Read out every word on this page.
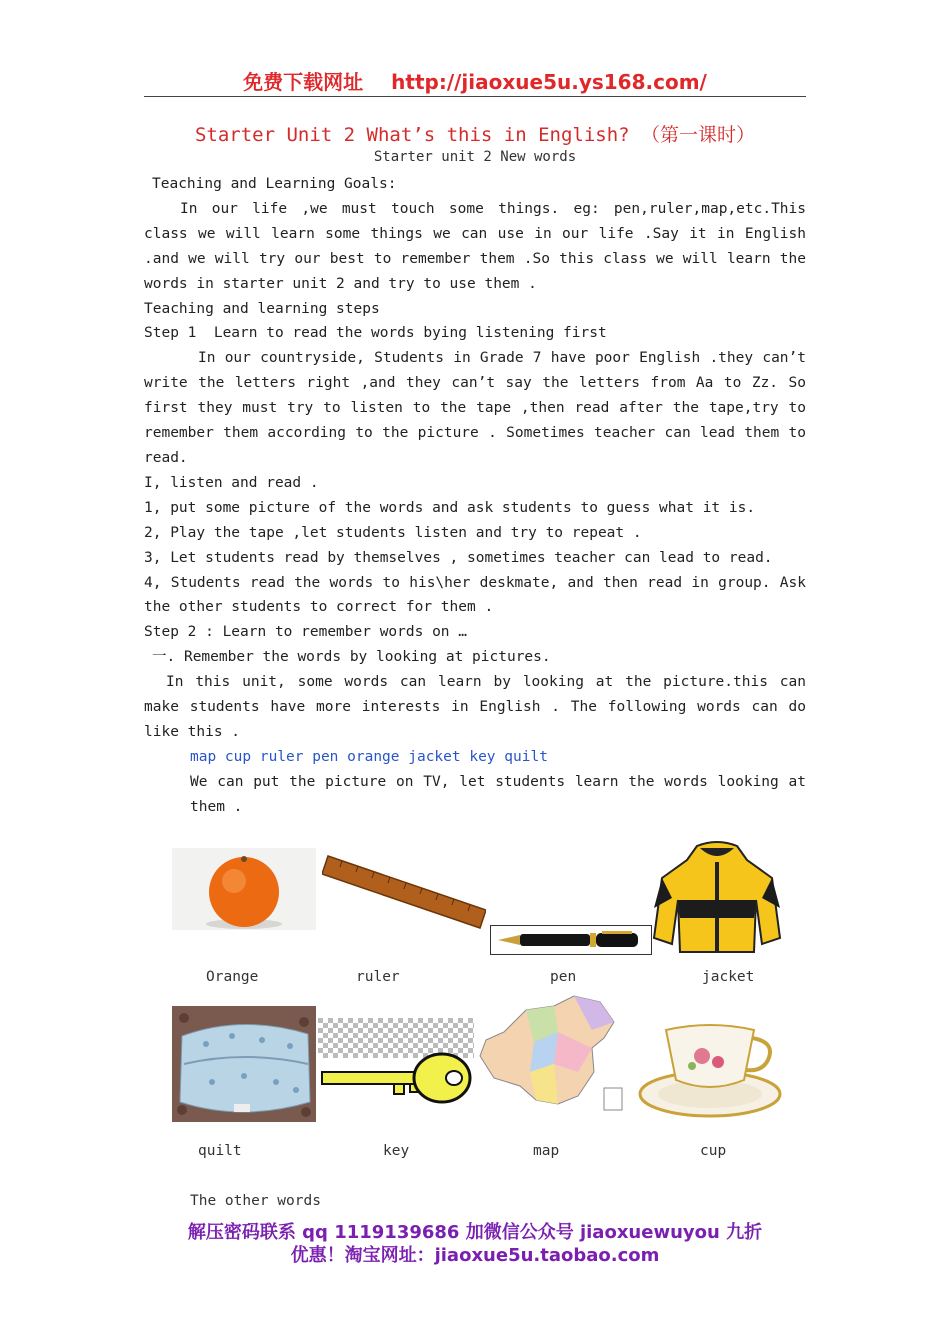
免费下载网址 http://jiaoxue5u.ys168.com/
Starter Unit 2 What’s this in English? （第一课时）
Starter unit 2 New words

Teaching and Learning Goals:

In our life ,we must touch some things. eg: pen,ruler,map,etc.This class we will learn some things we can use in our life .Say it in English .and we will try our best to remember them .So this class we will learn the words in starter unit 2 and try to use them .

Teaching and learning steps

Step 1  Learn to read the words bying listening first

In our countryside, Students in Grade 7 have poor English .they can’t write the letters right ,and they can’t say the letters from Aa to Zz. So first they must try to listen to the tape ,then read after the tape,try to remember them according to the picture . Sometimes teacher can lead them to read.

I, listen and read .

1, put some picture of the words and ask students to guess what it is.

2, Play the tape ,let students listen and try to repeat .

3, Let students read by themselves , sometimes teacher can lead to read.

4, Students read the words to his\her deskmate, and then read in group. Ask the other students to correct for them .

Step 2 : Learn to remember words on …

一. Remember the words by looking at pictures.

In this unit, some words can learn by looking at the picture.this can make students have more interests in English . The following words can do like this .

map cup ruler pen orange jacket key quilt

We can put the picture on TV, let students learn the words looking at them .

Orange	ruler	pen	jacket
quilt	key	map	cup
The other words
解压密码联系 qq 1119139686 加微信公众号 jiaoxuewuyou 九折
优惠！淘宝网址：jiaoxue5u.taobao.com
